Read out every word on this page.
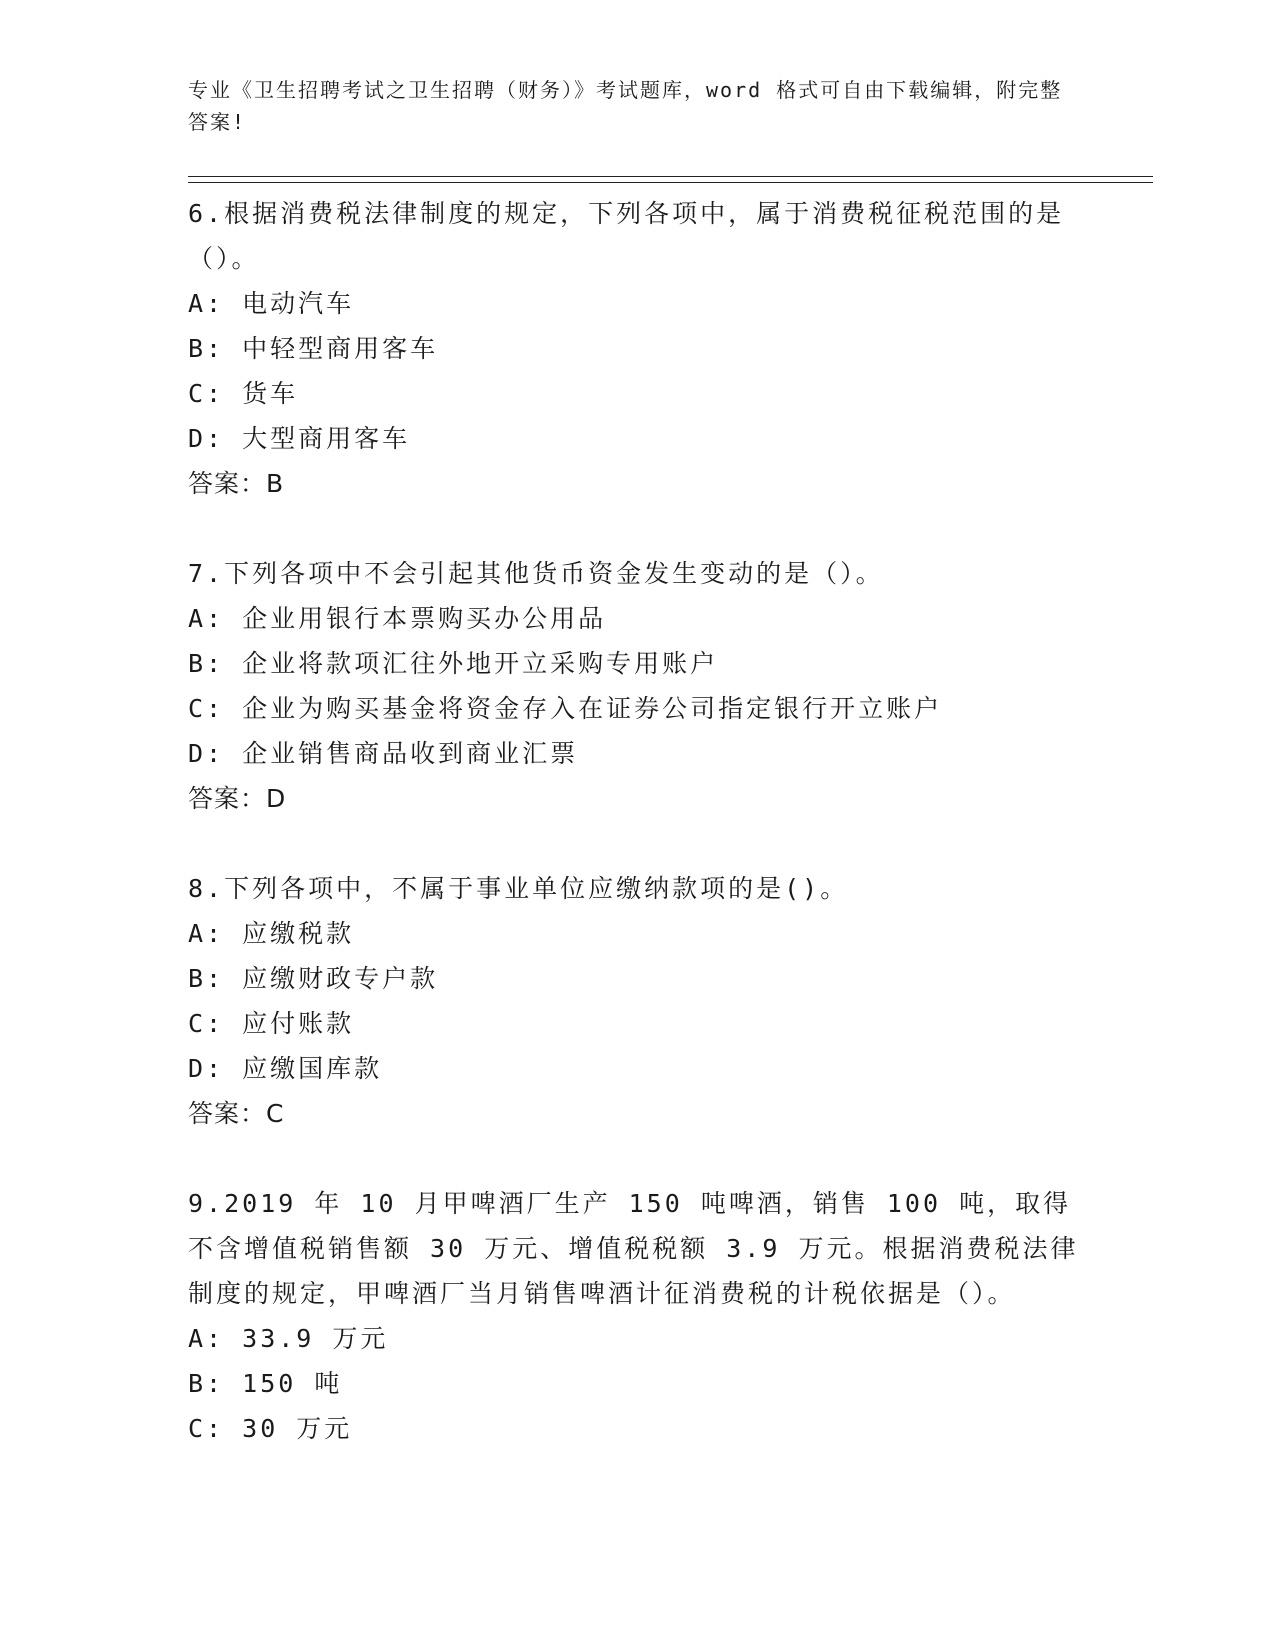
专业《卫生招聘考试之卫生招聘（财务）》考试题库，word 格式可自由下载编辑，附完整答案!

6.根据消费税法律制度的规定，下列各项中，属于消费税征税范围的是（）。

A: 电动汽车

B: 中轻型商用客车

C: 货车

D: 大型商用客车

答案：B

7.下列各项中不会引起其他货币资金发生变动的是（）。

A: 企业用银行本票购买办公用品

B: 企业将款项汇往外地开立采购专用账户

C: 企业为购买基金将资金存入在证券公司指定银行开立账户

D: 企业销售商品收到商业汇票

答案：D

8.下列各项中，不属于事业单位应缴纳款项的是()。

A: 应缴税款

B: 应缴财政专户款

C: 应付账款

D: 应缴国库款

答案：C

9.2019 年 10 月甲啤酒厂生产 150 吨啤酒，销售 100 吨，取得不含增值税销售额 30 万元、增值税税额 3.9 万元。根据消费税法律制度的规定，甲啤酒厂当月销售啤酒计征消费税的计税依据是（）。

A: 33.9 万元

B: 150 吨

C: 30 万元
